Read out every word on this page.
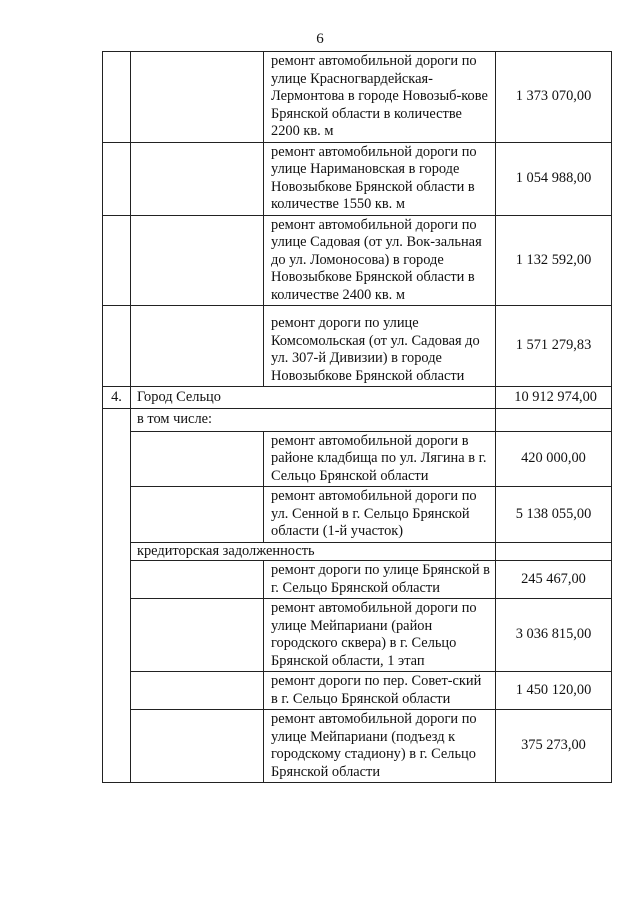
6
		ремонт автомобильной дороги по улице Красногвардейская-Лермонтова в городе Новозыб-кове Брянской области в количестве 2200 кв. м	1 373 070,00
		ремонт автомобильной дороги по улице Наримановская в городе Новозыбкове Брянской области в количестве 1550 кв. м	1 054 988,00
		ремонт автомобильной дороги по улице Садовая (от ул. Вок-зальная до ул. Ломоносова) в городе Новозыбкове Брянской области в количестве 2400 кв. м	1 132 592,00
		ремонт дороги по улице Комсомольская (от ул. Садовая до ул. 307-й Дивизии) в городе Новозыбкове Брянской области	1 571 279,83
4.	Город Сельцо		10 912 974,00
	в том числе:		
		ремонт автомобильной дороги в районе кладбища по ул. Лягина в г. Сельцо Брянской области	420 000,00
		ремонт автомобильной дороги по ул. Сенной в г. Сельцо Брянской области (1-й участок)	5 138 055,00
	кредиторская задолженность		
		ремонт дороги по улице Брянской в г. Сельцо Брянской области	245 467,00
		ремонт автомобильной дороги по улице Мейпариани (район городского сквера) в г. Сельцо Брянской области, 1 этап	3 036 815,00
		ремонт дороги по пер. Совет-ский в г. Сельцо Брянской области	1 450 120,00
		ремонт автомобильной дороги по улице Мейпариани (подъезд к городскому стадиону) в г. Сельцо Брянской области	375 273,00
